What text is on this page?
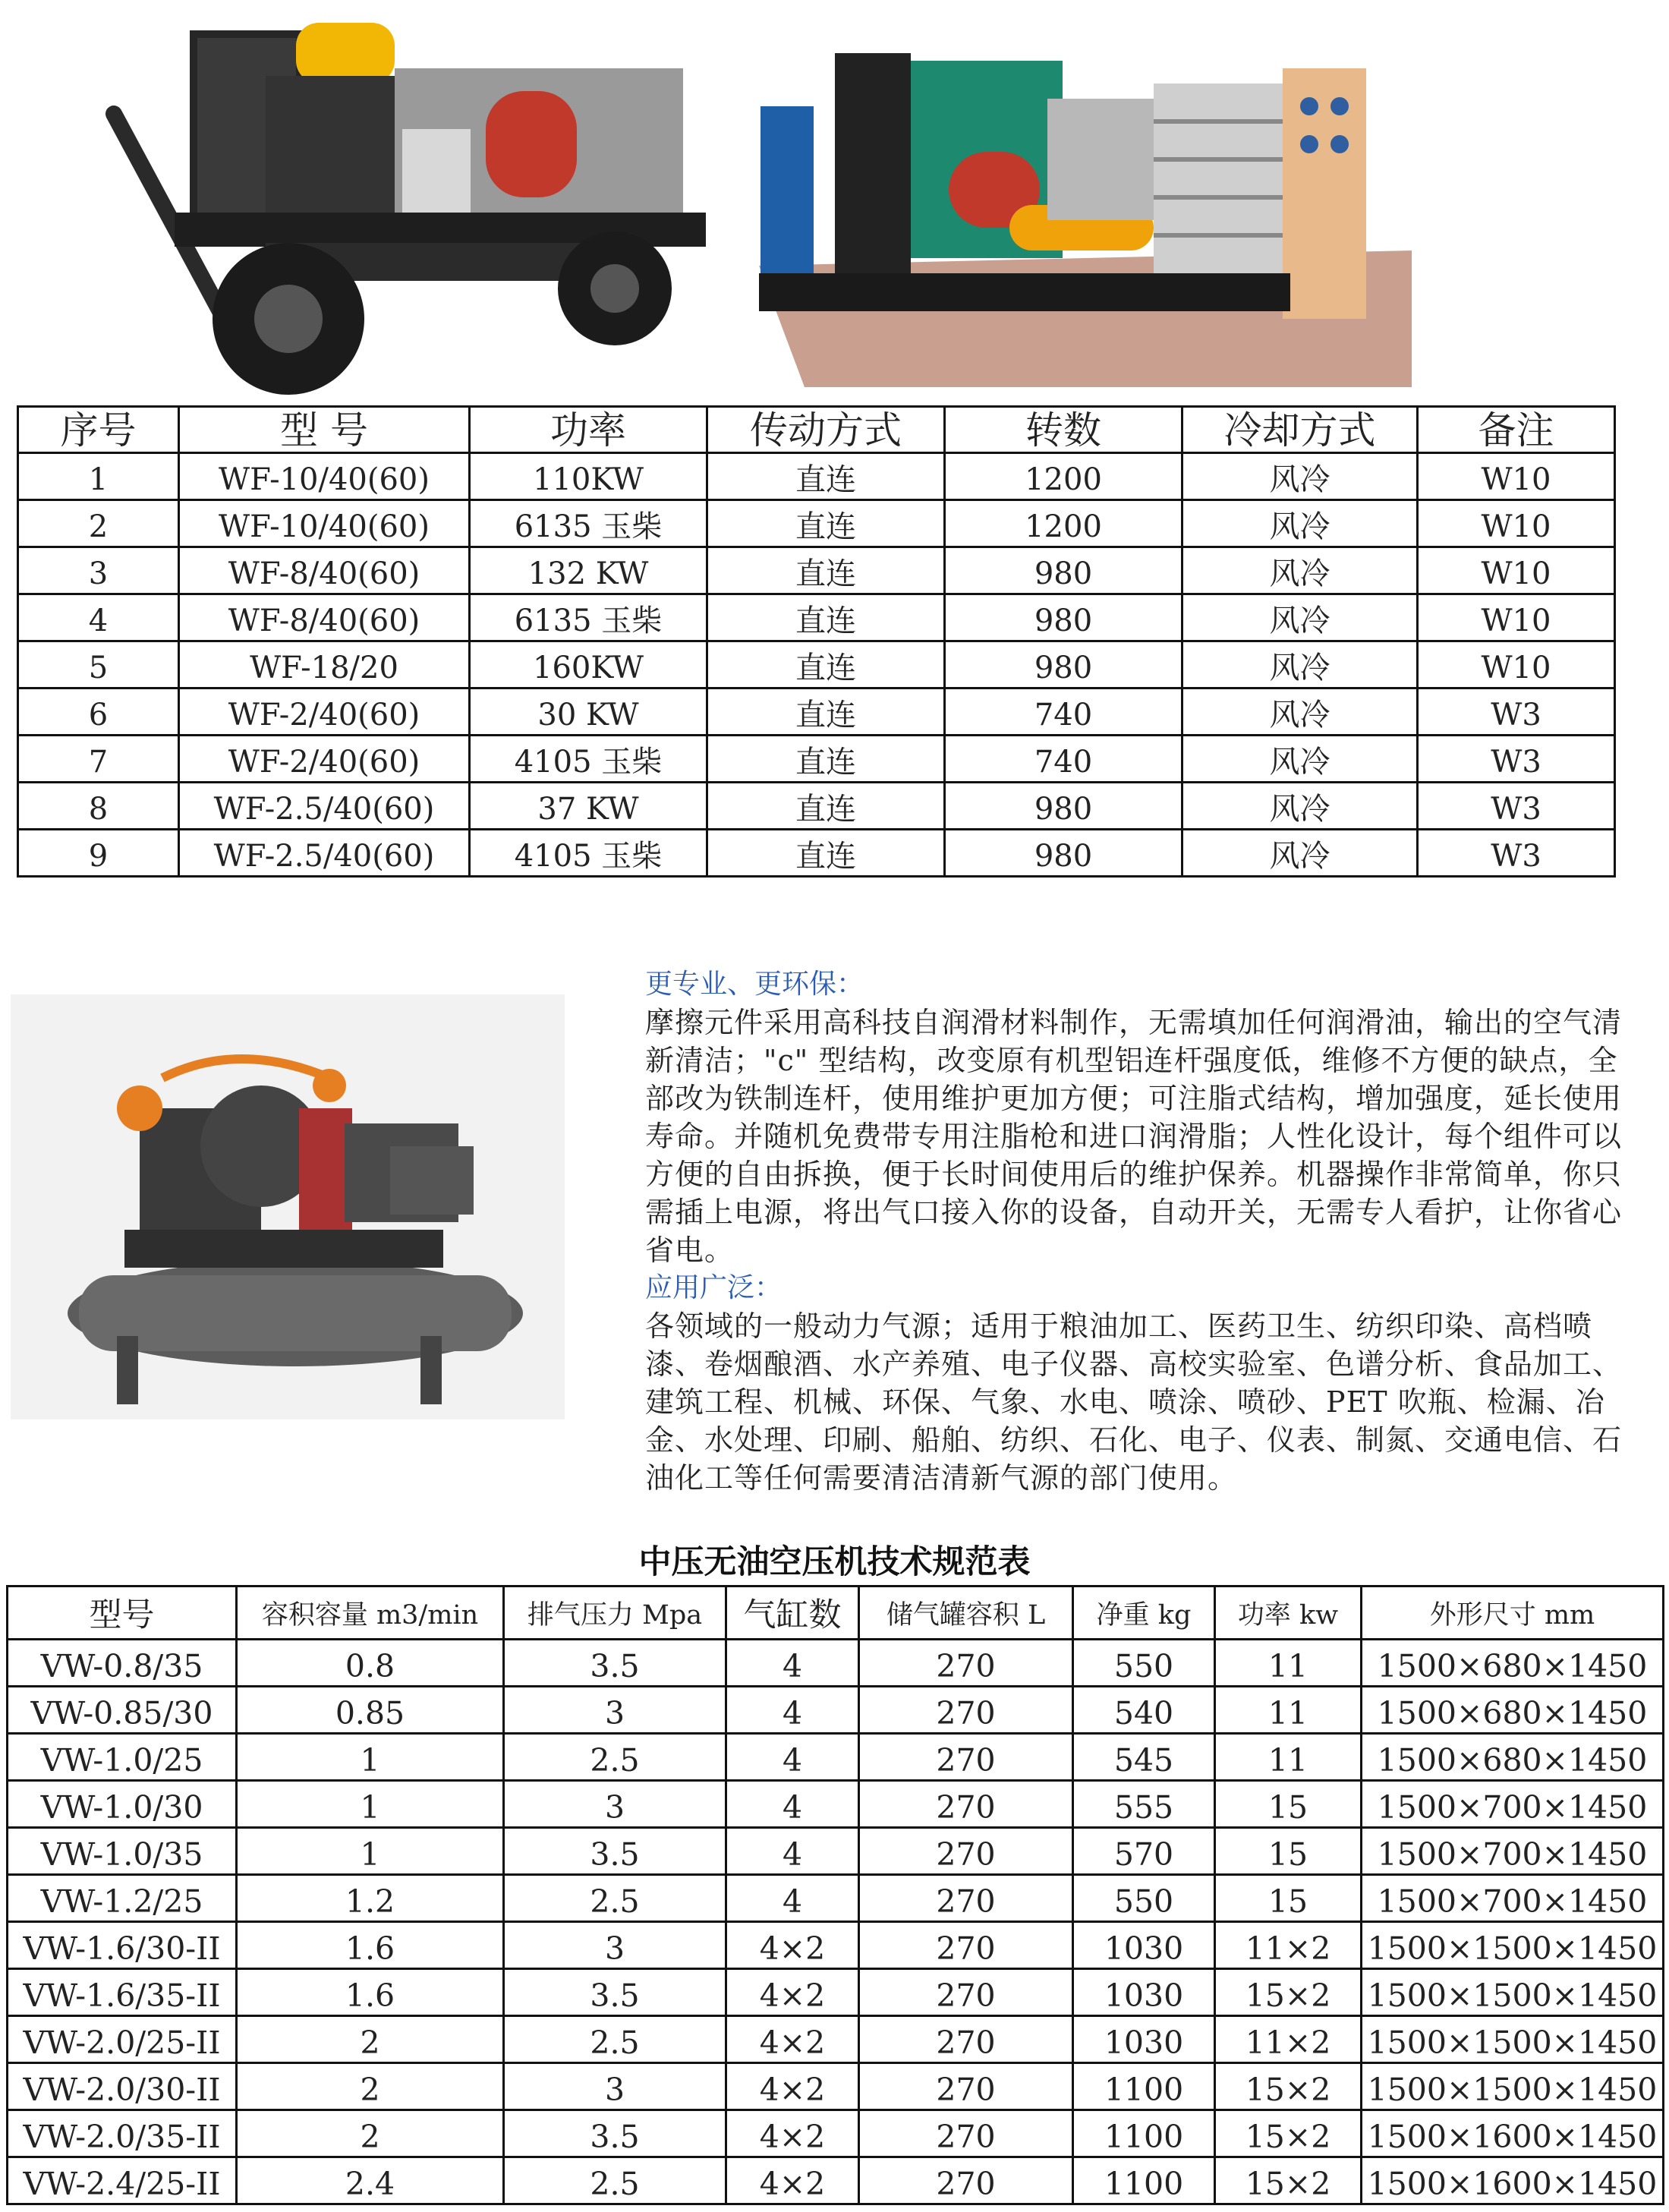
序号	型 号	功率	传动方式	转数	冷却方式	备注
1	WF-10/40(60)	110KW	直连	1200	风冷	W10
2	WF-10/40(60)	6135 玉柴	直连	1200	风冷	W10
3	WF-8/40(60)	132 KW	直连	980	风冷	W10
4	WF-8/40(60)	6135 玉柴	直连	980	风冷	W10
5	WF-18/20	160KW	直连	980	风冷	W10
6	WF-2/40(60)	30 KW	直连	740	风冷	W3
7	WF-2/40(60)	4105 玉柴	直连	740	风冷	W3
8	WF-2.5/40(60)	37 KW	直连	980	风冷	W3
9	WF-2.5/40(60)	4105 玉柴	直连	980	风冷	W3

更专业、更环保：

摩擦元件采用高科技自润滑材料制作，无需填加任何润滑油，输出的空气清新清洁；"c" 型结构，改变原有机型铝连杆强度低，维修不方便的缺点，全部改为铁制连杆，使用维护更加方便；可注脂式结构，增加强度，延长使用寿命。并随机免费带专用注脂枪和进口润滑脂；人性化设计，每个组件可以方便的自由拆换，便于长时间使用后的维护保养。机器操作非常简单，你只需插上电源，将出气口接入你的设备，自动开关，无需专人看护，让你省心省电。

应用广泛：

各领域的一般动力气源；适用于粮油加工、医药卫生、纺织印染、高档喷漆、卷烟酿酒、水产养殖、电子仪器、高校实验室、色谱分析、食品加工、建筑工程、机械、环保、气象、水电、喷涂、喷砂、PET 吹瓶、检漏、冶金、水处理、印刷、船舶、纺织、石化、电子、仪表、制氮、交通电信、石油化工等任何需要清洁清新气源的部门使用。

中压无油空压机技术规范表
型号	容积容量 m3/min	排气压力 Mpa	气缸数	储气罐容积 L	净重 kg	功率 kw	外形尺寸 mm
VW-0.8/35	0.8	3.5	4	270	550	11	1500×680×1450
VW-0.85/30	0.85	3	4	270	540	11	1500×680×1450
VW-1.0/25	1	2.5	4	270	545	11	1500×680×1450
VW-1.0/30	1	3	4	270	555	15	1500×700×1450
VW-1.0/35	1	3.5	4	270	570	15	1500×700×1450
VW-1.2/25	1.2	2.5	4	270	550	15	1500×700×1450
VW-1.6/30-II	1.6	3	4×2	270	1030	11×2	1500×1500×1450
VW-1.6/35-II	1.6	3.5	4×2	270	1030	15×2	1500×1500×1450
VW-2.0/25-II	2	2.5	4×2	270	1030	11×2	1500×1500×1450
VW-2.0/30-II	2	3	4×2	270	1100	15×2	1500×1500×1450
VW-2.0/35-II	2	3.5	4×2	270	1100	15×2	1500×1600×1450
VW-2.4/25-II	2.4	2.5	4×2	270	1100	15×2	1500×1600×1450
